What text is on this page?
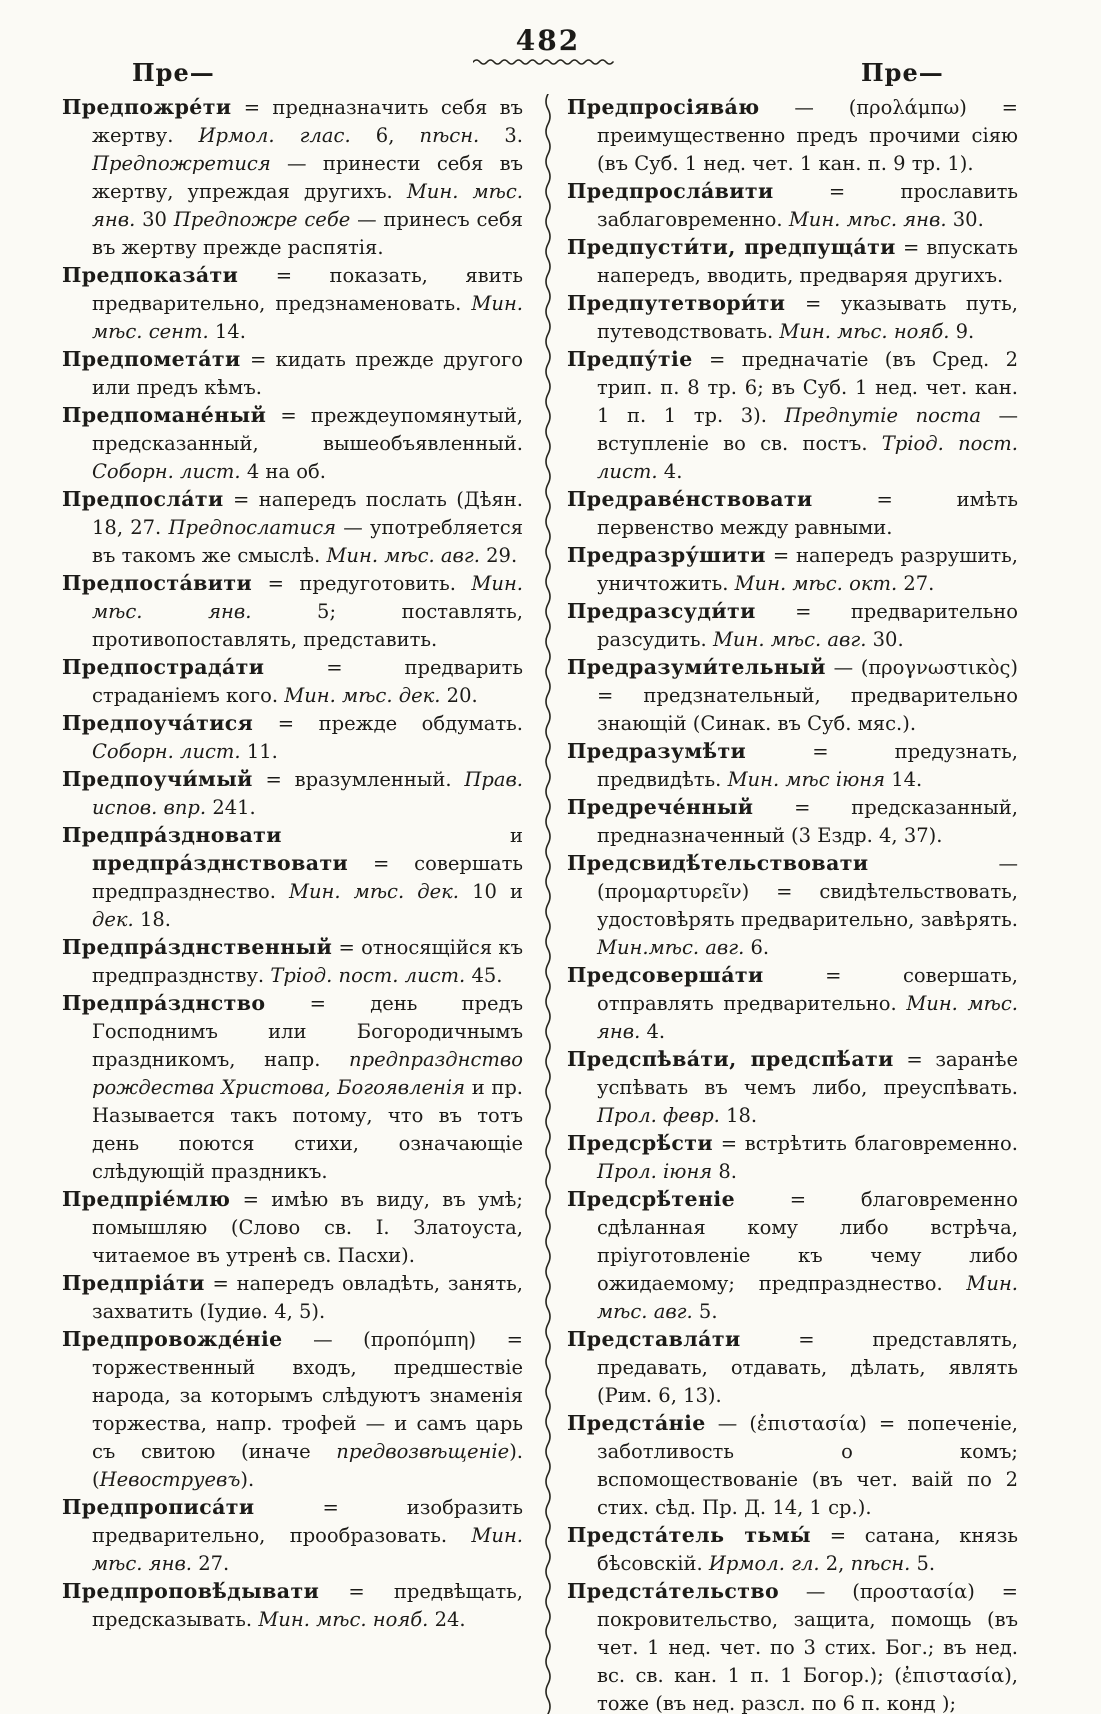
482
Пре—	Пре—

Предпожре́ти = предназначить себя въ жертву. Ирмол. глас. 6, пѣсн. 3. Предпожретися — принести себя въ жертву, упреждая другихъ. Мин. мѣс. янв. 30 Предпожре себе — принесъ себя въ жертву прежде распятія.

Предпоказа́ти = показать, явить предварительно, предзнаменовать. Мин. мѣс. сент. 14.

Предпомета́ти = кидать прежде другого или предъ кѣмъ.

Предпомане́ный = преждеупомянутый, предсказанный, вышеобъявленный. Соборн. лист. 4 на об.

Предпосла́ти = напередъ послать (Дѣян. 18, 27. Предпослатися — употребляется въ такомъ же смыслѣ. Мин. мѣс. авг. 29.

Предпоста́вити = предуготовить. Мин. мѣс. янв. 5; поставлять, противопоставлять, представить.

Предпострада́ти = предварить страданіемъ кого. Мин. мѣс. дек. 20.

Предпоуча́тися = прежде обдумать. Соборн. лист. 11.

Предпоучи́мый = вразумленный. Прав. испов. впр. 241.

Предпра́здновати и предпра́зднствовати = совершать предпразднество. Мин. мѣс. дек. 10 и дек. 18.

Предпра́зднственный = относящійся къ предпразднству. Тріод. пост. лист. 45.

Предпра́зднство = день предъ Господнимъ или Богородичнымъ праздникомъ, напр. предпразднство рождества Христова, Богоявленія и пр. Называется такъ потому, что въ тотъ день поются стихи, означающіе слѣдующій праздникъ.

Предпріе́млю = имѣю въ виду, въ умѣ; помышляю (Слово св. І. Златоуста, читаемое въ утренѣ св. Пасхи).

Предпріа́ти = напередъ овладѣть, занять, захватить (Іудиѳ. 4, 5).

Предпровожде́ніе — (προπόμπη) = торжественный входъ, предшествіе народа, за которымъ слѣдуютъ знаменія торжества, напр. трофей — и самъ царь съ свитою (иначе предвозвѣщеніе). (Невоструевъ).

Предпрописа́ти = изобразить предварительно, прообразовать. Мин. мѣс. янв. 27.

Предпроповѣ́дывати = предвѣщать, предсказывать. Мин. мѣс. нояб. 24.

Предпросіява́ю — (προλάμπω) = преимущественно предъ прочими сіяю (въ Суб. 1 нед. чет. 1 кан. п. 9 тр. 1).

Предпросла́вити = прославить заблаговременно. Мин. мѣс. янв. 30.

Предпусти́ти, предпуща́ти = впускать напередъ, вводить, предваряя другихъ.

Предпутетвори́ти = указывать путь, путеводствовать. Мин. мѣс. нояб. 9.

Предпу́тіе = предначатіе (въ Сред. 2 трип. п. 8 тр. 6; въ Суб. 1 нед. чет. кан. 1 п. 1 тр. 3). Предпутіе поста — вступленіе во св. постъ. Тріод. пост. лист. 4.

Предраве́нствовати = имѣть первенство между равными.

Предразру́шити = напередъ разрушить, уничтожить. Мин. мѣс. окт. 27.

Предразсуди́ти = предварительно разсудить. Мин. мѣс. авг. 30.

Предразуми́тельный — (προγνωστικὸς) = предзнательный, предварительно знающій (Синак. въ Суб. мяс.).

Предразумѣ́ти = предузнать, предвидѣть. Мин. мѣс іюня 14.

Предрече́нный = предсказанный, предназначенный (3 Ездр. 4, 37).

Предсвидѣ́тельствовати — (προμαρτυρεῖν) = свидѣтельствовать, удостовѣрять предварительно, завѣрять. Мин.мѣс. авг. 6.

Предсоверша́ти = совершать, отправлять предварительно. Мин. мѣс. янв. 4.

Предспѣва́ти, предспѣ́ати = заранѣе успѣвать въ чемъ либо, преуспѣвать. Прол. февр. 18.

Предсрѣ́сти = встрѣтить благовременно. Прол. іюня 8.

Предсрѣ́теніе = благовременно сдѣланная кому либо встрѣча, пріуготовленіе къ чему либо ожидаемому; предпразднество. Мин. мѣс. авг. 5.

Представла́ти = представлять, предавать, отдавать, дѣлать, являть (Рим. 6, 13).

Предста́ніе — (ἐπιστασία) = попеченіе, заботливость о комъ; вспомоществованіе (въ чет. ваій по 2 стих. сѣд. Пр. Д. 14, 1 ср.).

Предста́тель тьмы́ = сатана, князь бѣсовскій. Ирмол. гл. 2, пѣсн. 5.

Предста́тельство — (προστασία) = покровительство, защита, помощь (въ чет. 1 нед. чет. по 3 стих. Бог.; въ нед. вс. св. кан. 1 п. 1 Богор.); (ἐπιστασία), тоже (въ нед. разсл. по 6 п. конд );
